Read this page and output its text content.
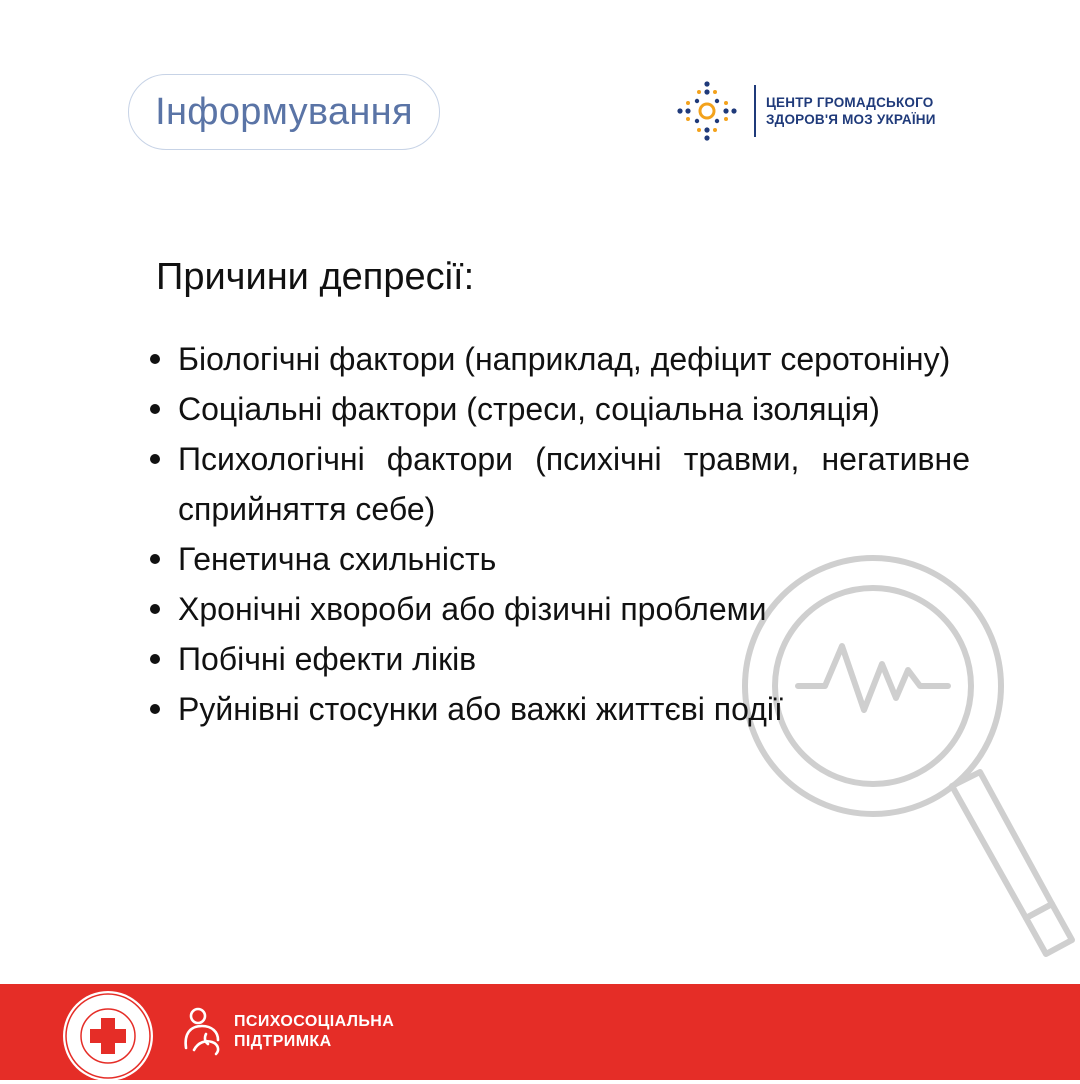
Інформування	ЦЕНТР ГРОМАДСЬКОГО
ЗДОРОВ'Я МОЗ УКРАЇНИ
Причини депресії:
Біологічні фактори (наприклад, дефіцит серотоніну)
Соціальні фактори (стреси, соціальна ізоляція)
Психологічні фактори (психічні травми, негативне сприйняття себе)
Генетична схильність
Хронічні хвороби або фізичні проблеми
Побічні ефекти ліків
Руйнівні стосунки або важкі життєві події
ПСИХОСОЦІАЛЬНА
ПІДТРИМКА
